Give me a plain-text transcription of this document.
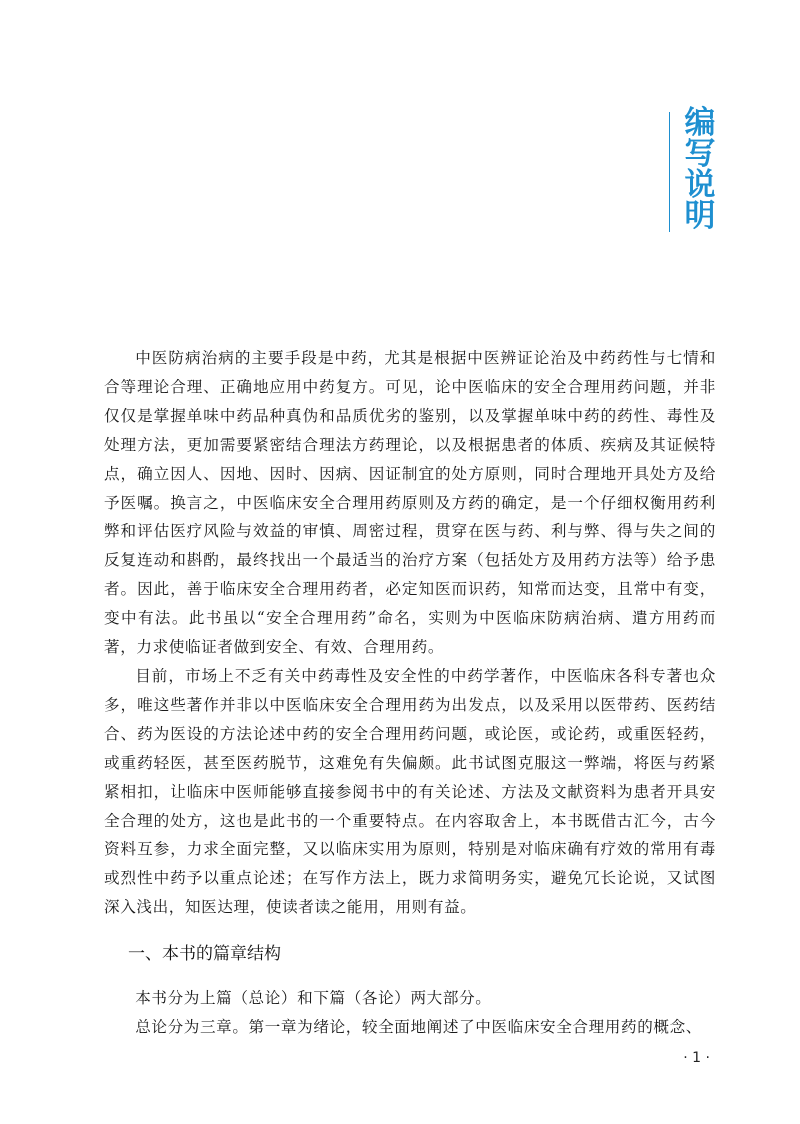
编
写
说
明

中医防病治病的主要手段是中药，尤其是根据中医辨证论治及中药药性与七情和合等理论合理、正确地应用中药复方。可见，论中医临床的安全合理用药问题，并非仅仅是掌握单味中药品种真伪和品质优劣的鉴别，以及掌握单味中药的药性、毒性及处理方法，更加需要紧密结合理法方药理论，以及根据患者的体质、疾病及其证候特点，确立因人、因地、因时、因病、因证制宜的处方原则，同时合理地开具处方及给予医嘱。换言之，中医临床安全合理用药原则及方药的确定，是一个仔细权衡用药利弊和评估医疗风险与效益的审慎、周密过程，贯穿在医与药、利与弊、得与失之间的反复连动和斟酌，最终找出一个最适当的治疗方案（包括处方及用药方法等）给予患者。因此，善于临床安全合理用药者，必定知医而识药，知常而达变，且常中有变，变中有法。此书虽以“安全合理用药”命名，实则为中医临床防病治病、遣方用药而著，力求使临证者做到安全、有效、合理用药。

目前，市场上不乏有关中药毒性及安全性的中药学著作，中医临床各科专著也众多，唯这些著作并非以中医临床安全合理用药为出发点，以及采用以医带药、医药结合、药为医设的方法论述中药的安全合理用药问题，或论医，或论药，或重医轻药，或重药轻医，甚至医药脱节，这难免有失偏颇。此书试图克服这一弊端，将医与药紧紧相扣，让临床中医师能够直接参阅书中的有关论述、方法及文献资料为患者开具安全合理的处方，这也是此书的一个重要特点。在内容取舍上，本书既借古汇今，古今资料互参，力求全面完整，又以临床实用为原则，特别是对临床确有疗效的常用有毒或烈性中药予以重点论述；在写作方法上，既力求简明务实，避免冗长论说，又试图深入浅出，知医达理，使读者读之能用，用则有益。

一、本书的篇章结构

本书分为上篇（总论）和下篇（各论）两大部分。

总论分为三章。第一章为绪论，较全面地阐述了中医临床安全合理用药的概念、

· 1 ·
